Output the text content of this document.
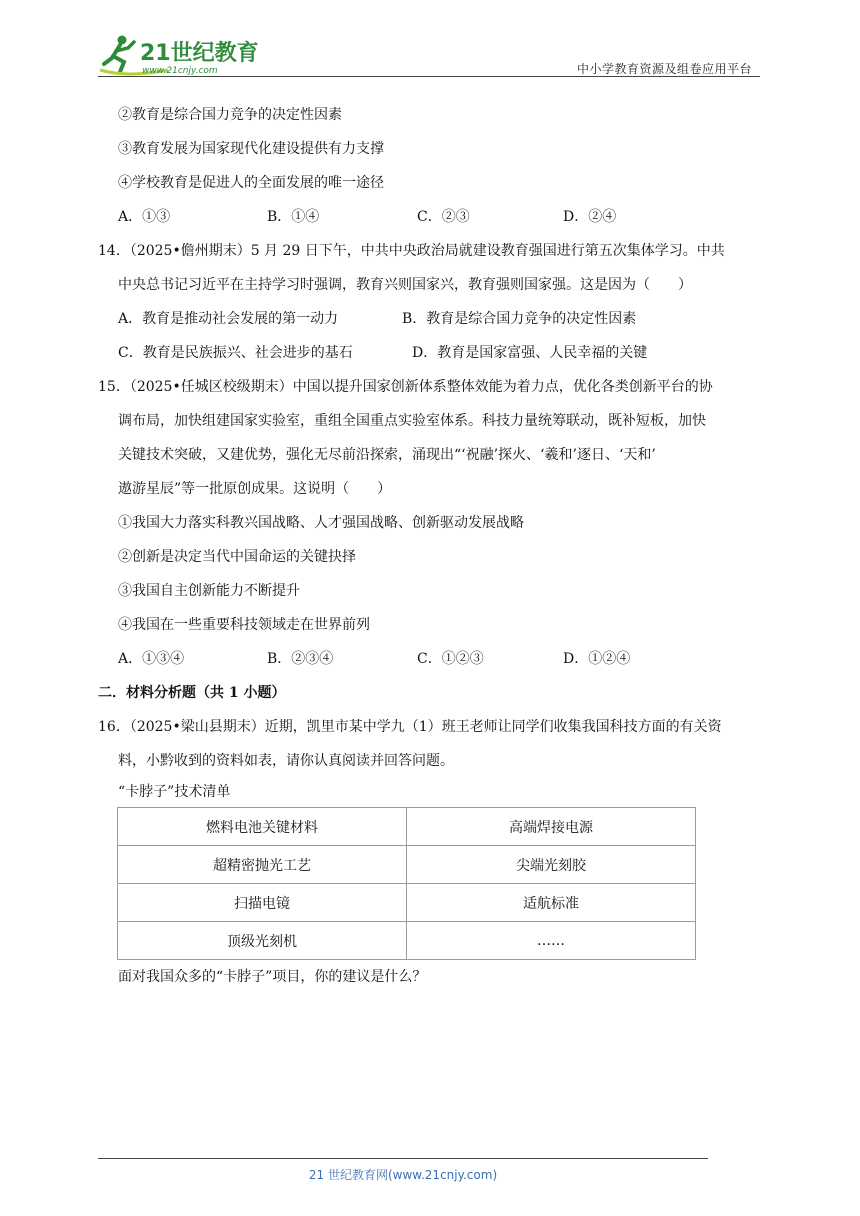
21世纪教育
www.21cnjy.com	中小学教育资源及组卷应用平台
②教育是综合国力竞争的决定性因素
③教育发展为国家现代化建设提供有力支撑
④学校教育是促进人的全面发展的唯一途径
A．①③	B．①④	C．②③	D．②④
14．（2025•儋州期末）5 月 29 日下午，中共中央政治局就建设教育强国进行第五次集体学习。中共
中央总书记习近平在主持学习时强调，教育兴则国家兴，教育强则国家强。这是因为（　　）
A．教育是推动社会发展的第一动力	B．教育是综合国力竞争的决定性因素
C．教育是民族振兴、社会进步的基石	D．教育是国家富强、人民幸福的关键
15．（2025•任城区校级期末）中国以提升国家创新体系整体效能为着力点，优化各类创新平台的协
调布局，加快组建国家实验室，重组全国重点实验室体系。科技力量统筹联动，既补短板，加快
关键技术突破，又建优势，强化无尽前沿探索，涌现出“‘祝融’探火、‘羲和’逐日、‘天和’
遨游星辰”等一批原创成果。这说明（　　）
①我国大力落实科教兴国战略、人才强国战略、创新驱动发展战略
②创新是决定当代中国命运的关键抉择
③我国自主创新能力不断提升
④我国在一些重要科技领域走在世界前列
A．①③④	B．②③④	C．①②③	D．①②④
二．材料分析题（共 1 小题）
16．（2025•梁山县期末）近期，凯里市某中学九（1）班王老师让同学们收集我国科技方面的有关资
料，小黔收到的资料如表，请你认真阅读并回答问题。
“卡脖子”技术清单
燃料电池关键材料	高端焊接电源
超精密抛光工艺	尖端光刻胶
扫描电镜	适航标准
顶级光刻机	……
面对我国众多的“卡脖子”项目，你的建议是什么？
21 世纪教育网(www.21cnjy.com)
